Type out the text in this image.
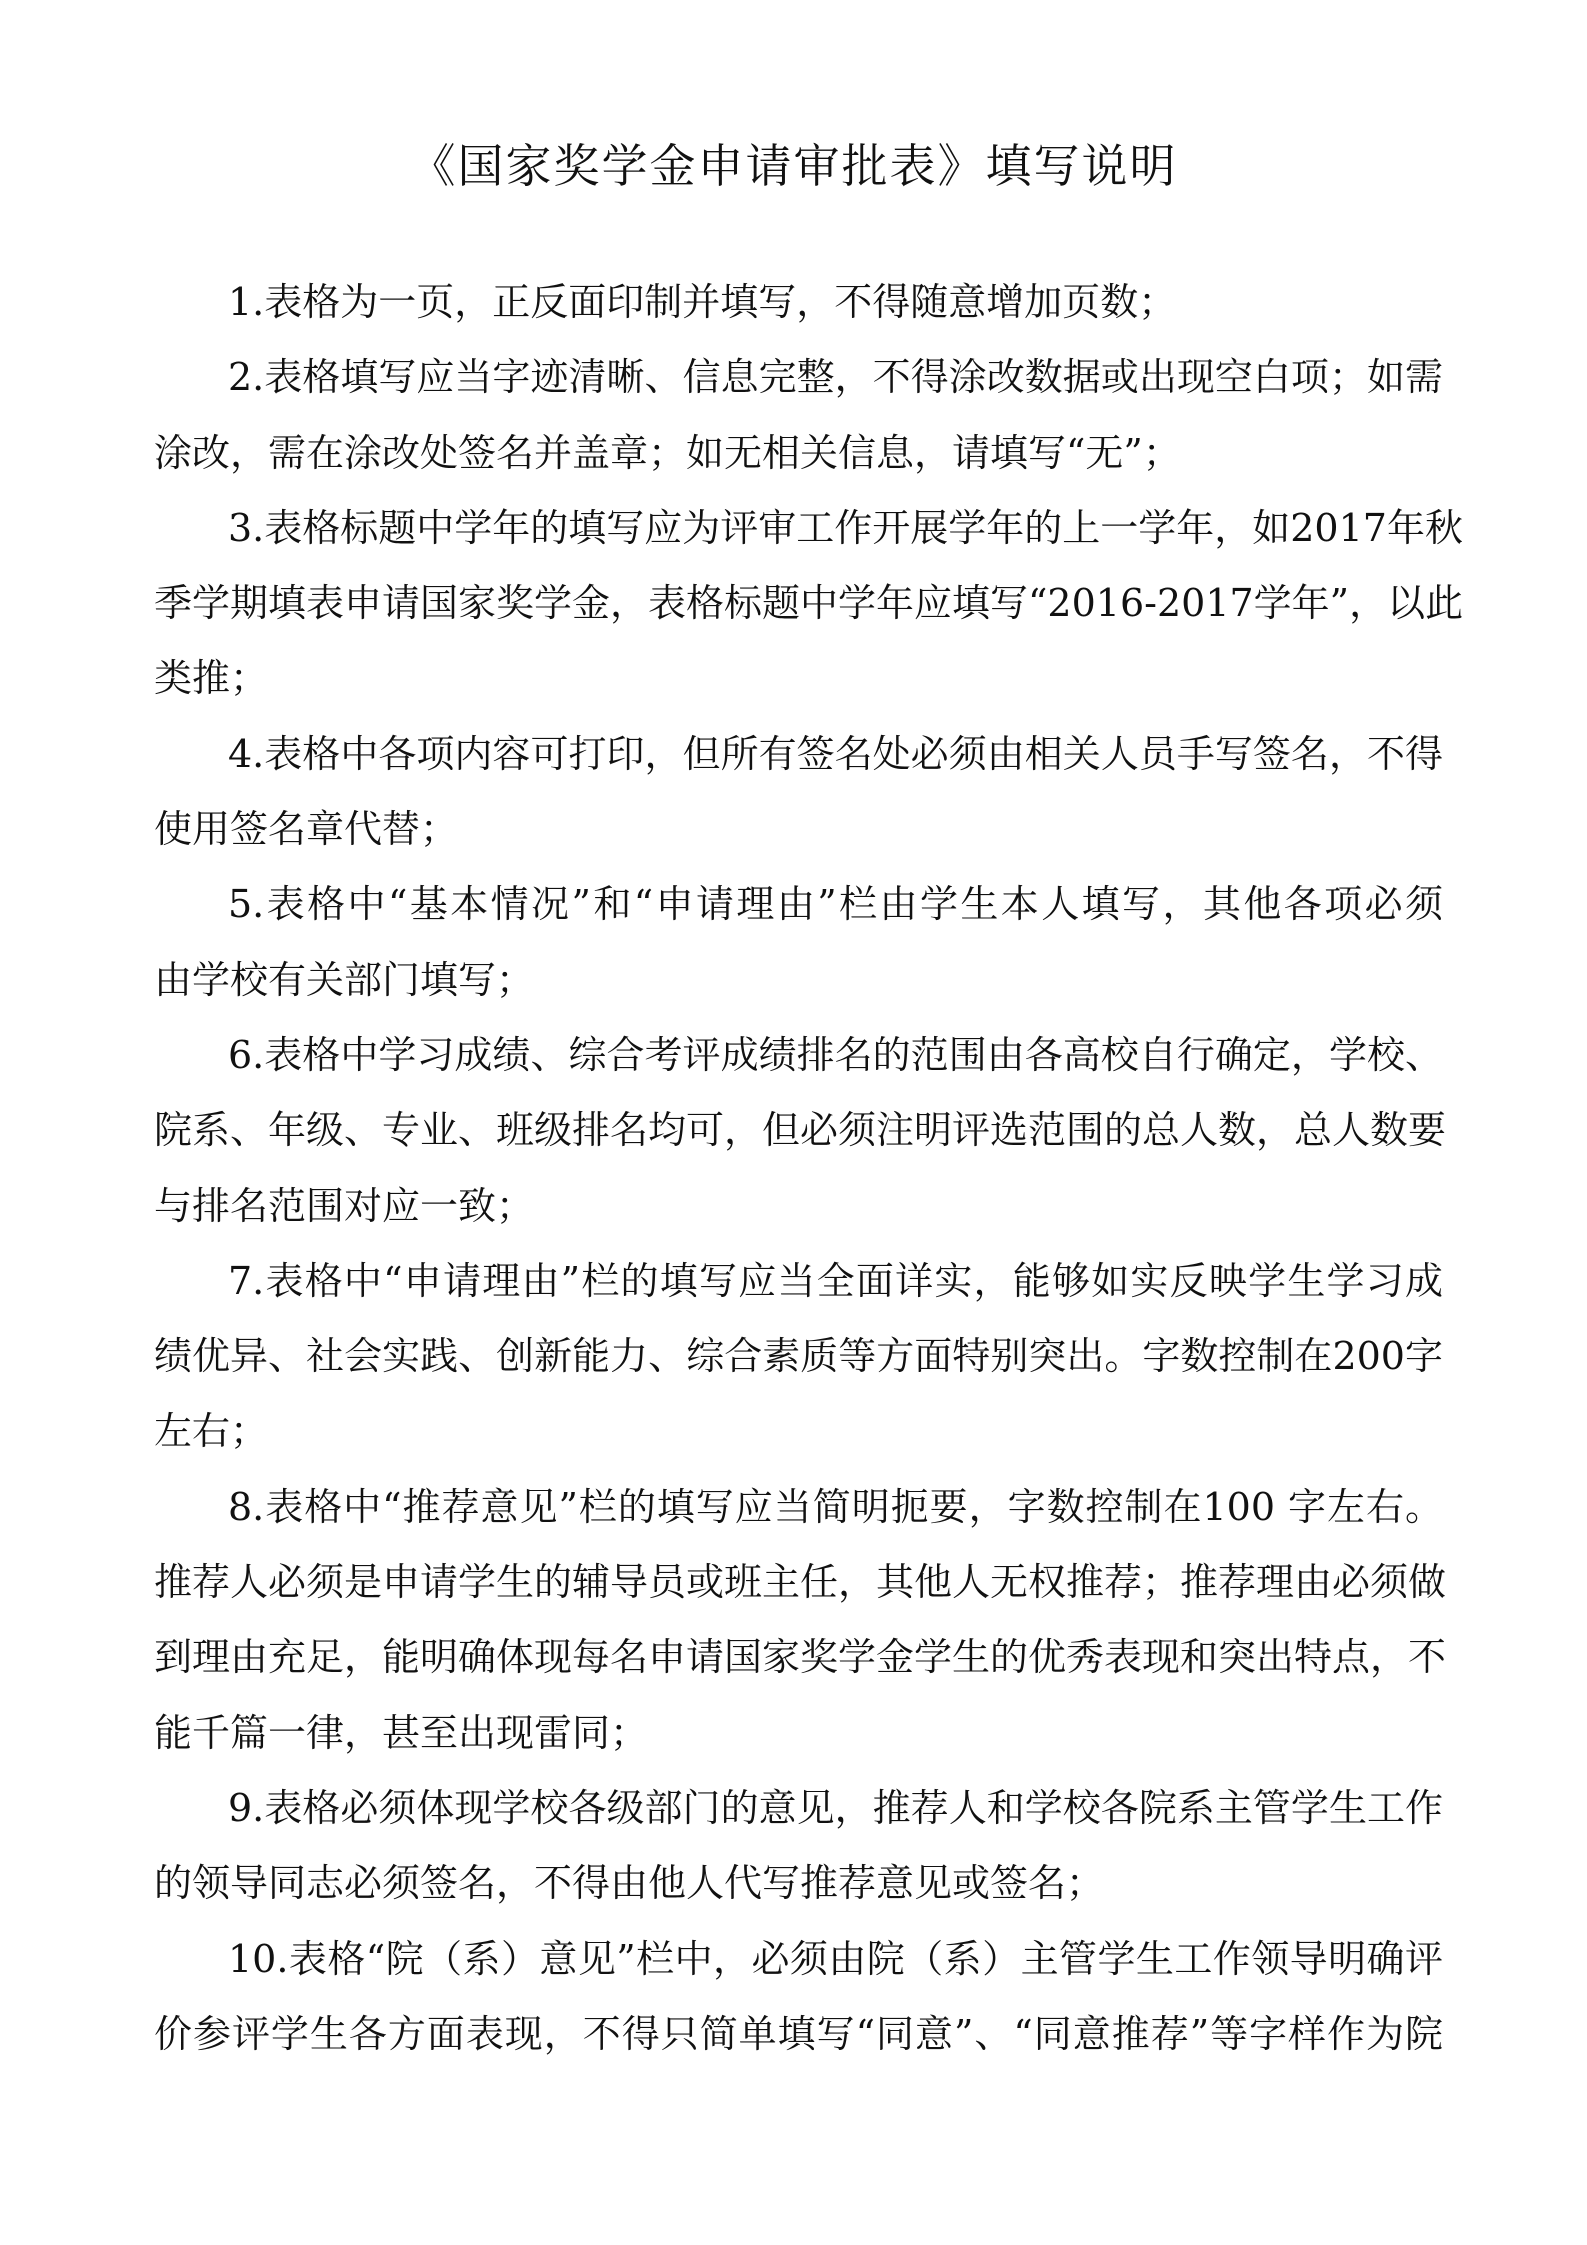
《国家奖学金申请审批表》填写说明
1.表格为一页，正反面印制并填写，不得随意增加页数；
2.表格填写应当字迹清晰、信息完整，不得涂改数据或出现空白项；如需
涂改，需在涂改处签名并盖章；如无相关信息，请填写“无”；
3.表格标题中学年的填写应为评审工作开展学年的上一学年，如2017年秋
季学期填表申请国家奖学金，表格标题中学年应填写“2016-2017学年”，以此
类推；
4.表格中各项内容可打印，但所有签名处必须由相关人员手写签名，不得
使用签名章代替；
5.表格中“基本情况”和“申请理由”栏由学生本人填写，其他各项必须
由学校有关部门填写；
6.表格中学习成绩、综合考评成绩排名的范围由各高校自行确定，学校、
院系、年级、专业、班级排名均可，但必须注明评选范围的总人数，总人数要
与排名范围对应一致；
7.表格中“申请理由”栏的填写应当全面详实，能够如实反映学生学习成
绩优异、社会实践、创新能力、综合素质等方面特别突出。字数控制在200字
左右；
8.表格中“推荐意见”栏的填写应当简明扼要，字数控制在100 字左右。
推荐人必须是申请学生的辅导员或班主任，其他人无权推荐；推荐理由必须做
到理由充足，能明确体现每名申请国家奖学金学生的优秀表现和突出特点，不
能千篇一律，甚至出现雷同；
9.表格必须体现学校各级部门的意见，推荐人和学校各院系主管学生工作
的领导同志必须签名，不得由他人代写推荐意见或签名；
10.表格“院（系）意见”栏中，必须由院（系）主管学生工作领导明确评
价参评学生各方面表现，不得只简单填写“同意”、“同意推荐”等字样作为院
